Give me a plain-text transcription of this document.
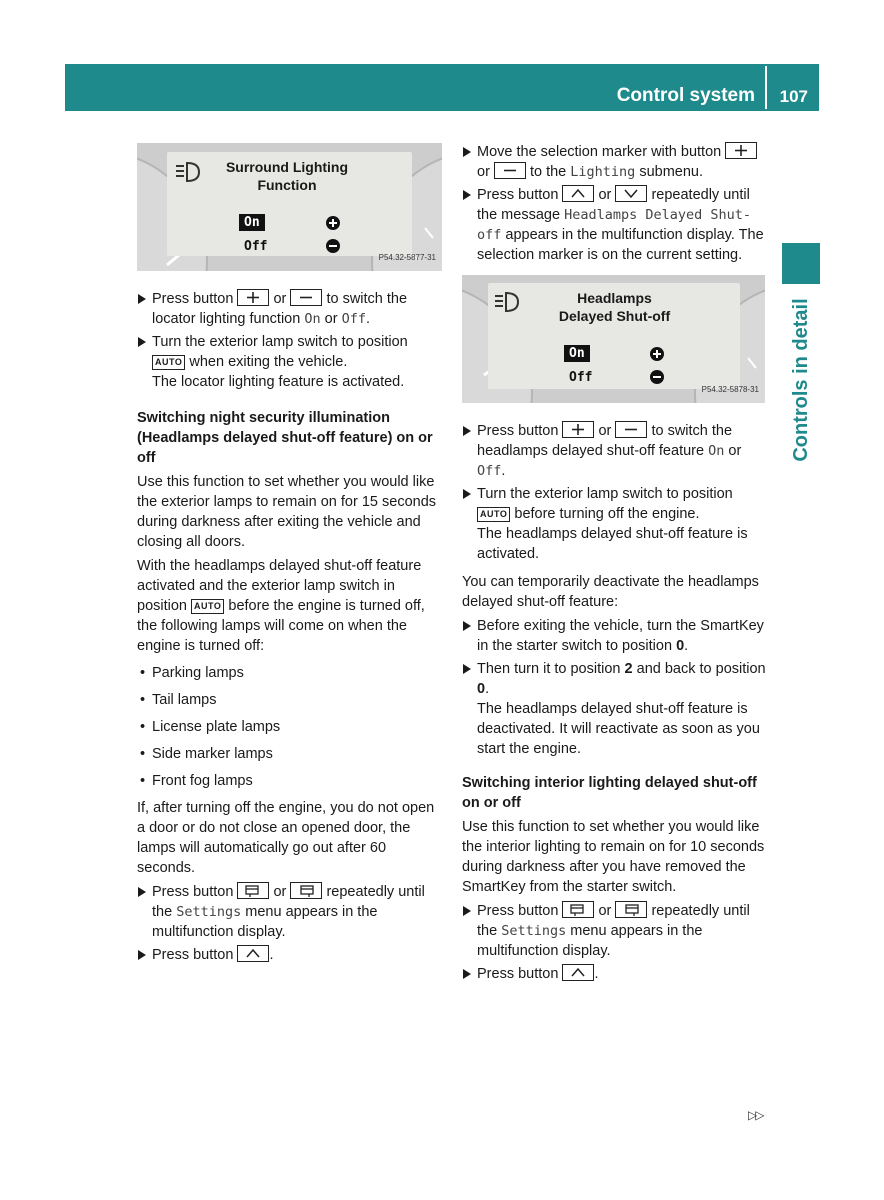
Control system 107
Controls in detail
Surround Lighting
Function
On
Off
P54.32-5877-31
Press button	or	to switch the locator lighting function On or Off.
Turn the exterior lamp switch to position AUTO when exiting the vehicle.
The locator lighting feature is activated.

Switching night security illumination (Headlamps delayed shut-off feature) on or off

Use this function to set whether you would like the exterior lamps to remain on for 15 seconds during darkness after exiting the vehicle and closing all doors.

With the headlamps delayed shut-off feature activated and the exterior lamp switch in position AUTO before the engine is turned off, the following lamps will come on when the engine is turned off:

• Parking lamps
• Tail lamps
• License plate lamps
• Side marker lamps
• Front fog lamps

If, after turning off the engine, you do not open a door or do not close an opened door, the lamps will automatically go out after 60 seconds.

Press button	or	repeatedly until the Settings menu appears in the multifunction display.
Press button .
Move the selection marker with button
or	to the Lighting submenu.
Press button	or	repeatedly until the message Headlamps Delayed Shut-off appears in the multifunction display. The selection marker is on the current setting.
Headlamps
Delayed Shut-off
On
Off
P54.32-5878-31
Press button	or	to switch the headlamps delayed shut-off feature On or Off.
Turn the exterior lamp switch to position AUTO before turning off the engine.
The headlamps delayed shut-off feature is activated.

You can temporarily deactivate the headlamps delayed shut-off feature:

Before exiting the vehicle, turn the SmartKey in the starter switch to position 0.
Then turn it to position 2 and back to position 0.
The headlamps delayed shut-off feature is deactivated. It will reactivate as soon as you start the engine.

Switching interior lighting delayed shut-off on or off

Use this function to set whether you would like the interior lighting to remain on for 10 seconds during darkness after you have removed the SmartKey from the starter switch.

Press button	or	repeatedly until the Settings menu appears in the multifunction display.
Press button .
▷▷
